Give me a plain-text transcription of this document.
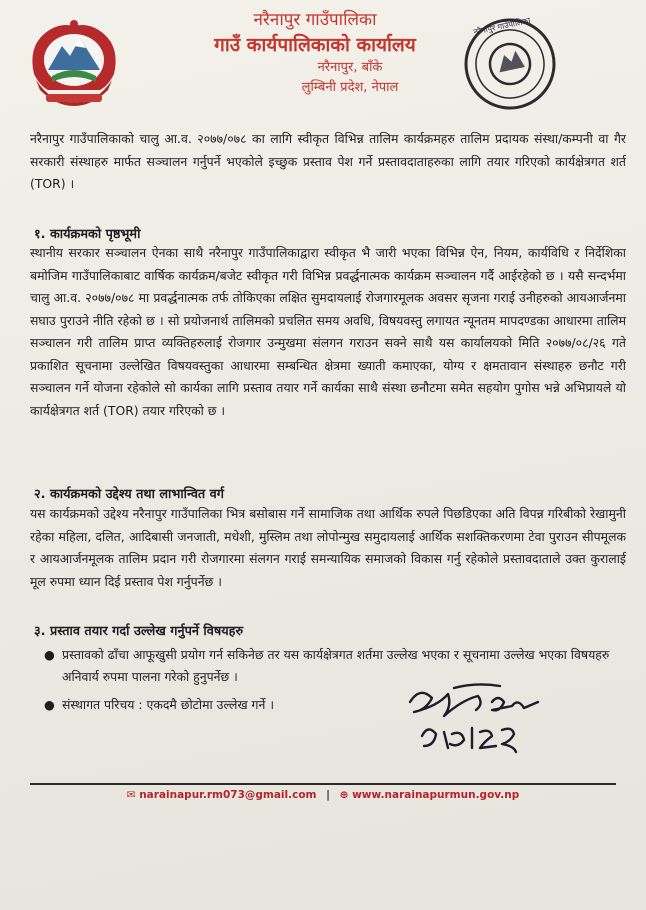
नरैनापुर गाउँपालिका
गाउँ कार्यपालिकाको कार्यालय
नरैनापुर, बाँके
लुम्बिनी प्रदेश, नेपाल
नरैनापुर गाउँपालिका
नरैनापुर गाउँपालिकाको चालु आ.व. २०७७/०७८ का लागि स्वीकृत विभिन्न तालिम कार्यक्रमहरु तालिम प्रदायक संस्था/कम्पनी वा गैर सरकारी संस्थाहरु मार्फत सञ्चालन गर्नुपर्ने भएकोले इच्छुक प्रस्ताव पेश गर्ने प्रस्तावदाताहरुका लागि तयार गरिएको कार्यक्षेत्रगत शर्त (TOR) ।
१. कार्यक्रमको पृष्ठभूमी
स्थानीय सरकार सञ्चालन ऐनका साथै नरैनापुर गाउँपालिकाद्वारा स्वीकृत भै जारी भएका विभिन्न ऐन, नियम, कार्यविधि र निर्देशिका बमोजिम गाउँपालिकाबाट वार्षिक कार्यक्रम/बजेट स्वीकृत गरी विभिन्न प्रवर्द्धनात्मक कार्यक्रम सञ्चालन गर्दै आईरहेको छ । यसै सन्दर्भमा चालु आ.व. २०७७/०७८ मा प्रवर्द्धनात्मक तर्फ तोकिएका लक्षित सुमदायलाई रोजगारमूलक अवसर सृजना गराई उनीहरुको आयआर्जनमा सघाउ पुराउने नीति रहेको छ । सो प्रयोजनार्थ तालिमको प्रचलित समय अवधि, विषयवस्तु लगायत न्यूनतम मापदण्डका आधारमा तालिम सञ्चालन गरी तालिम प्राप्त व्यक्तिहरुलाई रोजगार उन्मुखमा संलगन गराउन सक्ने साथै यस कार्यालयको मिति २०७७/०८/२६ गते प्रकाशित सूचनामा उल्लेखित विषयवस्तुका आधारमा सम्बन्धित क्षेत्रमा ख्याती कमाएका, योग्य र क्षमतावान संस्थाहरु छनौट गरी सञ्चालन गर्ने योजना रहेकोले सो कार्यका लागि प्रस्ताव तयार गर्ने कार्यका साथै संस्था छनौटमा समेत सहयोग पुगोस भन्ने अभिप्रायले यो कार्यक्षेत्रगत शर्त (TOR) तयार गरिएको छ ।
२. कार्यक्रमको उद्देश्य तथा लाभान्वित वर्ग
यस कार्यक्रमको उद्देश्य नरैनापुर गाउँपालिका भित्र बसोबास गर्ने सामाजिक तथा आर्थिक रुपले पिछडिएका अति विपन्न गरिबीको रेखामुनी रहेका महिला, दलित, आदिबासी जनजाती, मधेशी, मुस्लिम तथा लोपोन्मुख समुदायलाई आर्थिक सशक्तिकरणमा टेवा पुराउन सीपमूलक र आयआर्जनमूलक तालिम प्रदान गरी रोजगारमा संलगन गराई समन्यायिक समाजको विकास गर्नु रहेकोले प्रस्तावदाताले उक्त कुरालाई मूल रुपमा ध्यान दिई प्रस्ताव पेश गर्नुपर्नेछ ।
३. प्रस्ताव तयार गर्दा उल्लेख गर्नुपर्ने विषयहरु
● प्रस्तावको ढाँचा आफूखुसी प्रयोग गर्न सकिनेछ तर यस कार्यक्षेत्रगत शर्तमा उल्लेख भएका र सूचनामा उल्लेख भएका विषयहरु अनिवार्य रुपमा पालना गरेको हुनुपर्नेछ ।
● संस्थागत परिचय : एकदमै छोटोमा उल्लेख गर्ने ।
✉ narainapur.rm073@gmail.com | ⊕ www.narainapurmun.gov.np
